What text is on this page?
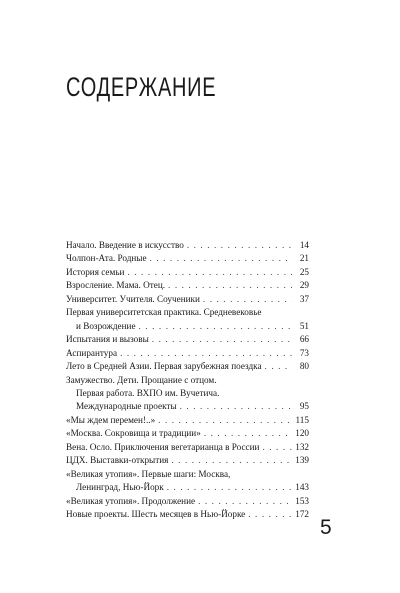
СОДЕРЖАНИЕ
Начало. Введение в искусство . . .	14
Чолпон-Ата. Родные . . .	21
История семьи . . .	25
Взросление. Мама. Отец. . . .	29
Университет. Учителя. Соученики . . .	37
Первая университетская практика. Средневековье
и Возрождение . . .	51
Испытания и вызовы . . .	66
Аспирантура . . .	73
Лето в Средней Азии. Первая зарубежная поездка . . .	80
Замужество. Дети. Прощание с отцом.
Первая работа. ВХПО им. Вучетича.
Международные проекты . . .	95
«Мы ждем перемен!..» . . .	115
«Москва. Сокровища и традиции» . . .	120
Вена. Осло. Приключения вегетарианца в России . . .	132
ЦДХ. Выставки-открытия . . .	139
«Великая утопия». Первые шаги: Москва,
Ленинград, Нью-Йорк . . .	143
«Великая утопия». Продолжение . . .	153
Новые проекты. Шесть месяцев в Нью-Йорке . . .	172
5
